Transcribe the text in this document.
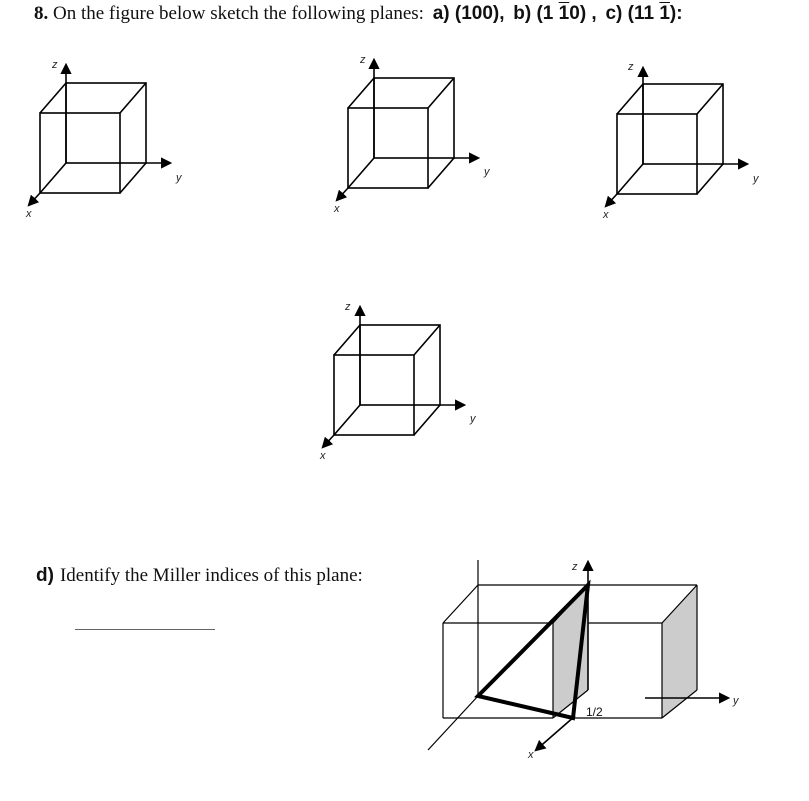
8. On the figure below sketch the following planes: a) (100), b) (1 10) , c) (11 1):
z
y
x
z
y
x
z
y
x
z
y
x
z
y
x
d) Identify the Miller indices of this plane:
1/2
